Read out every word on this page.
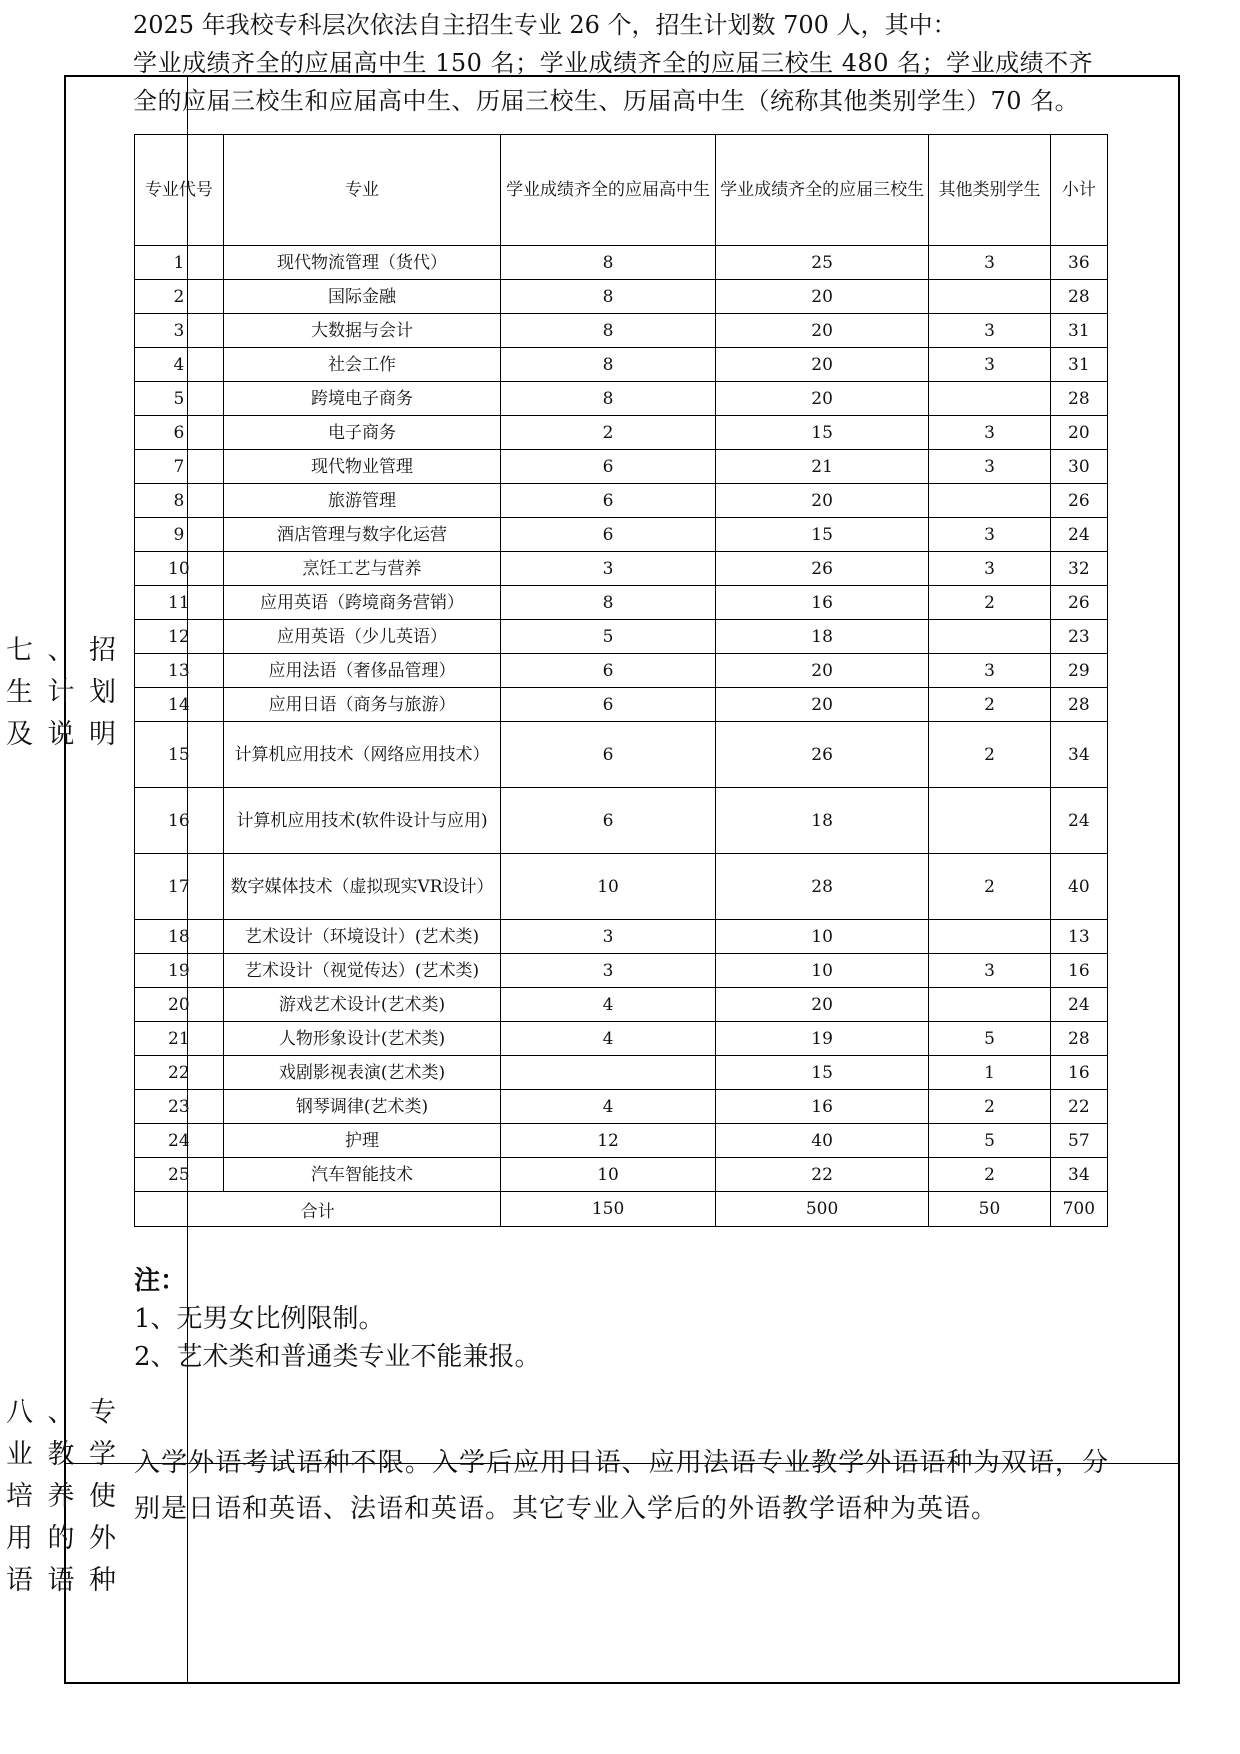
七、招生计划及说明

2025 年我校专科层次依法自主招生专业 26 个，招生计划数 700 人，其中：

学业成绩齐全的应届高中生 150 名；学业成绩齐全的应届三校生 480 名；学业成绩不齐全的应届三校生和应届高中生、历届三校生、历届高中生（统称其他类别学生）70 名。

专业代号	专业	学业成绩齐全的应届高中生	学业成绩齐全的应届三校生	其他类别学生	小计
1	现代物流管理（货代）	8	25	3	36
2	国际金融	8	20		28
3	大数据与会计	8	20	3	31
4	社会工作	8	20	3	31
5	跨境电子商务	8	20		28
6	电子商务	2	15	3	20
7	现代物业管理	6	21	3	30
8	旅游管理	6	20		26
9	酒店管理与数字化运营	6	15	3	24
10	烹饪工艺与营养	3	26	3	32
11	应用英语（跨境商务营销）	8	16	2	26
12	应用英语（少儿英语）	5	18		23
13	应用法语（奢侈品管理）	6	20	3	29
14	应用日语（商务与旅游）	6	20	2	28
15	计算机应用技术（网络应用技术）	6	26	2	34
16	计算机应用技术(软件设计与应用)	6	18		24
17	数字媒体技术（虚拟现实VR设计）	10	28	2	40
18	艺术设计（环境设计）(艺术类)	3	10		13
19	艺术设计（视觉传达）(艺术类)	3	10	3	16
20	游戏艺术设计(艺术类)	4	20		24
21	人物形象设计(艺术类)	4	19	5	28
22	戏剧影视表演(艺术类)		15	1	16
23	钢琴调律(艺术类)	4	16	2	22
24	护理	12	40	5	57
25	汽车智能技术	10	22	2	34
合计		150	500	50	700

注：

1、无男女比例限制。

2、艺术类和普通类专业不能兼报。

八、专业教学培养使用的外语语种
入学外语考试语种不限。入学后应用日语、应用法语专业教学外语语种为双语，分别是日语和英语、法语和英语。其它专业入学后的外语教学语种为英语。
